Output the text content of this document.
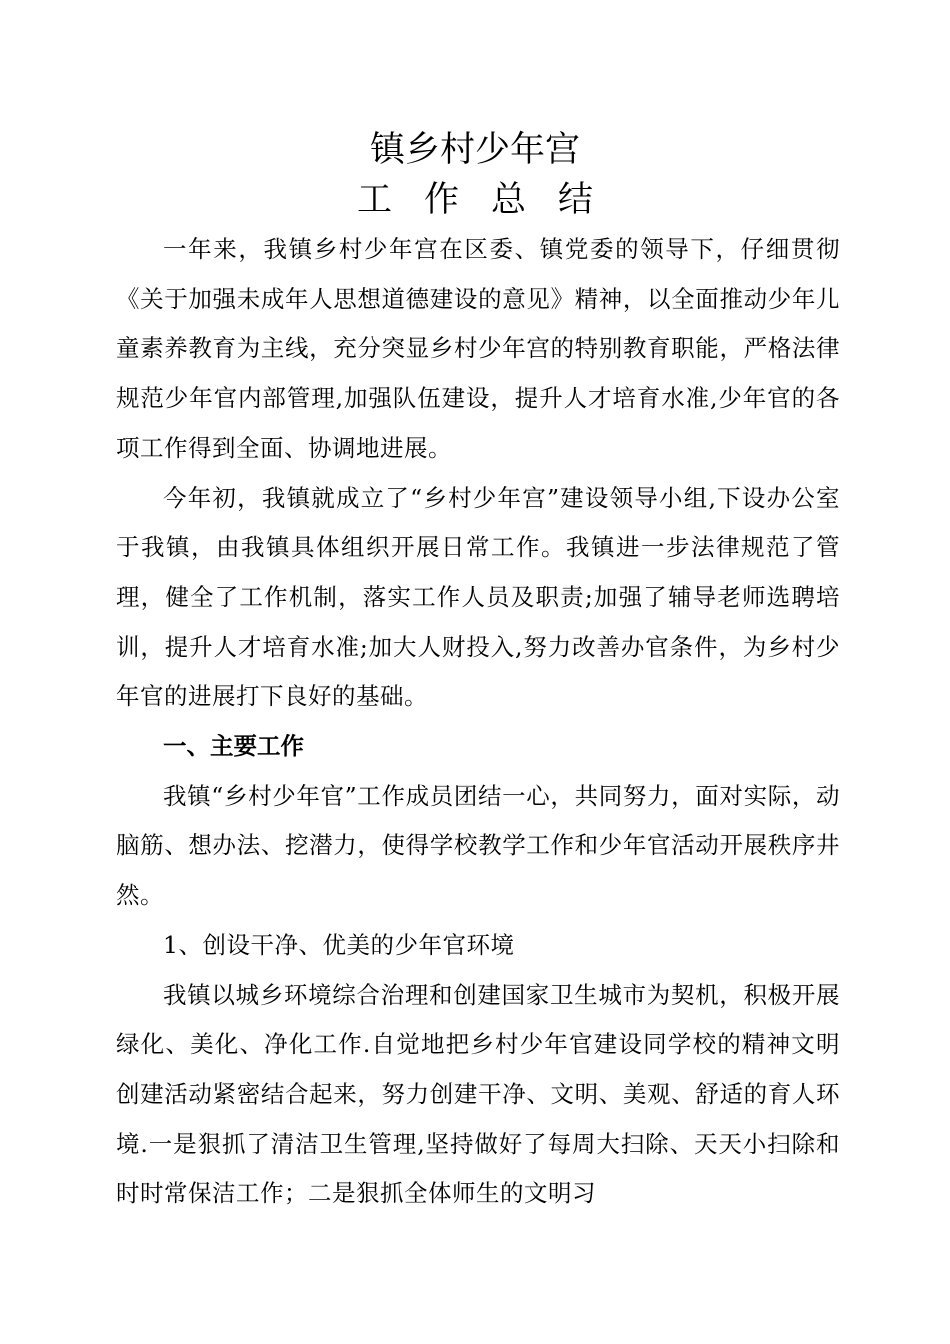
镇乡村少年宫
工作总结

一年来，我镇乡村少年宫在区委、镇党委的领导下，仔细贯彻《关于加强未成年人思想道德建设的意见》精神，以全面推动少年儿童素养教育为主线，充分突显乡村少年宫的特别教育职能，严格法律规范少年官内部管理,加强队伍建设，提升人才培育水准,少年官的各项工作得到全面、协调地进展。

今年初，我镇就成立了“乡村少年宫”建设领导小组,下设办公室于我镇，由我镇具体组织开展日常工作。我镇进一步法律规范了管理，健全了工作机制，落实工作人员及职责;加强了辅导老师选聘培训，提升人才培育水准;加大人财投入,努力改善办官条件，为乡村少年官的进展打下良好的基础。

一、主要工作

我镇“乡村少年官”工作成员团结一心，共同努力，面对实际，动脑筋、想办法、挖潜力，使得学校教学工作和少年官活动开展秩序井然。

1、创设干净、优美的少年官环境

我镇以城乡环境综合治理和创建国家卫生城市为契机，积极开展绿化、美化、净化工作.自觉地把乡村少年官建设同学校的精神文明创建活动紧密结合起来，努力创建干净、文明、美观、舒适的育人环境.一是狠抓了清洁卫生管理,坚持做好了每周大扫除、天天小扫除和时时常保洁工作；二是狠抓全体师生的文明习
